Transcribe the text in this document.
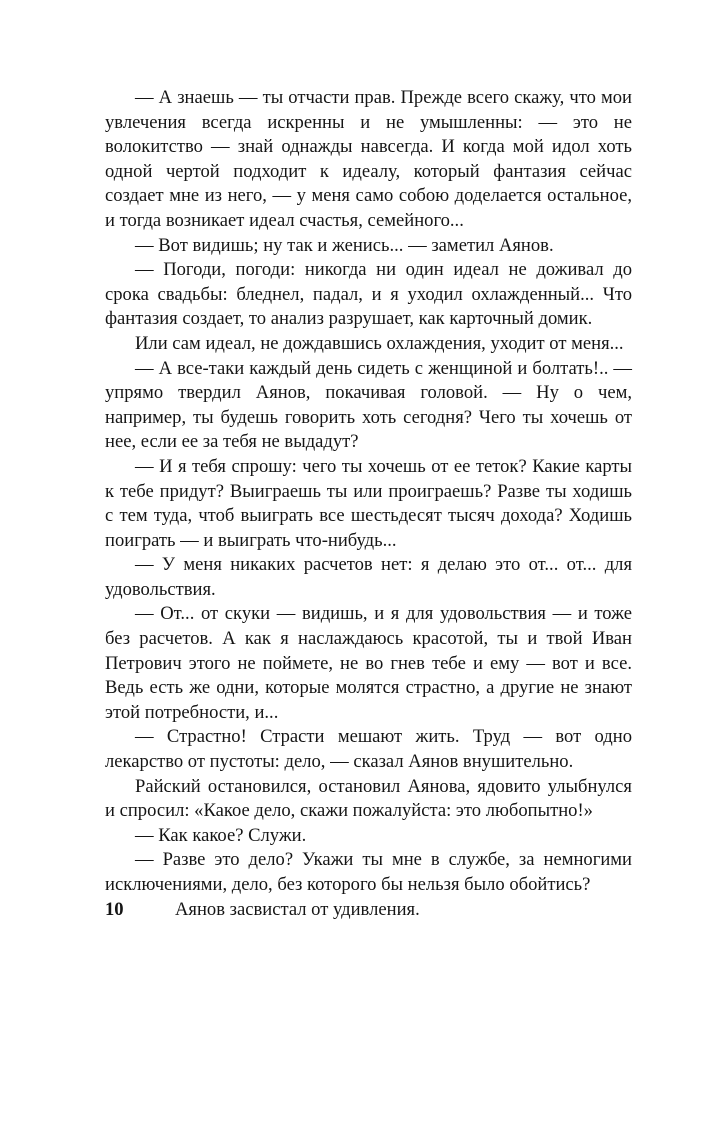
— А знаешь — ты отчасти прав. Прежде всего скажу, что мои увлечения всегда искренны и не умышленны: — это не волокитство — знай однажды навсегда. И когда мой идол хоть одной чертой подходит к идеалу, который фантазия сейчас создает мне из него, — у меня само собою доделается остальное, и тогда возникает идеал счастья, семейного...

— Вот видишь; ну так и женись... — заметил Аянов.

— Погоди, погоди: никогда ни один идеал не доживал до срока свадьбы: бледнел, падал, и я уходил охлажденный... Что фантазия создает, то анализ разрушает, как карточный домик.

Или сам идеал, не дождавшись охлаждения, уходит от меня...

— А все-таки каждый день сидеть с женщиной и болтать!.. — упрямо твердил Аянов, покачивая головой. — Ну о чем, например, ты будешь говорить хоть сегодня? Чего ты хочешь от нее, если ее за тебя не выдадут?

— И я тебя спрошу: чего ты хочешь от ее теток? Какие карты к тебе придут? Выиграешь ты или проиграешь? Разве ты ходишь с тем туда, чтоб выиграть все шестьдесят тысяч дохода? Ходишь поиграть — и выиграть что-нибудь...

— У меня никаких расчетов нет: я делаю это от... от... для удовольствия.

— От... от скуки — видишь, и я для удовольствия — и тоже без расчетов. А как я наслаждаюсь красотой, ты и твой Иван Петрович этого не поймете, не во гнев тебе и ему — вот и все. Ведь есть же одни, которые молятся страстно, а другие не знают этой потребности, и...

— Страстно! Страсти мешают жить. Труд — вот одно лекарство от пустоты: дело, — сказал Аянов внушительно.

Райский остановился, остановил Аянова, ядовито улыбнулся и спросил: «Какое дело, скажи пожалуйста: это любопытно!»

— Как какое? Служи.

— Разве это дело? Укажи ты мне в службе, за немногими исключениями, дело, без которого бы нельзя было обойтись?

10	Аянов засвистал от удивления.
